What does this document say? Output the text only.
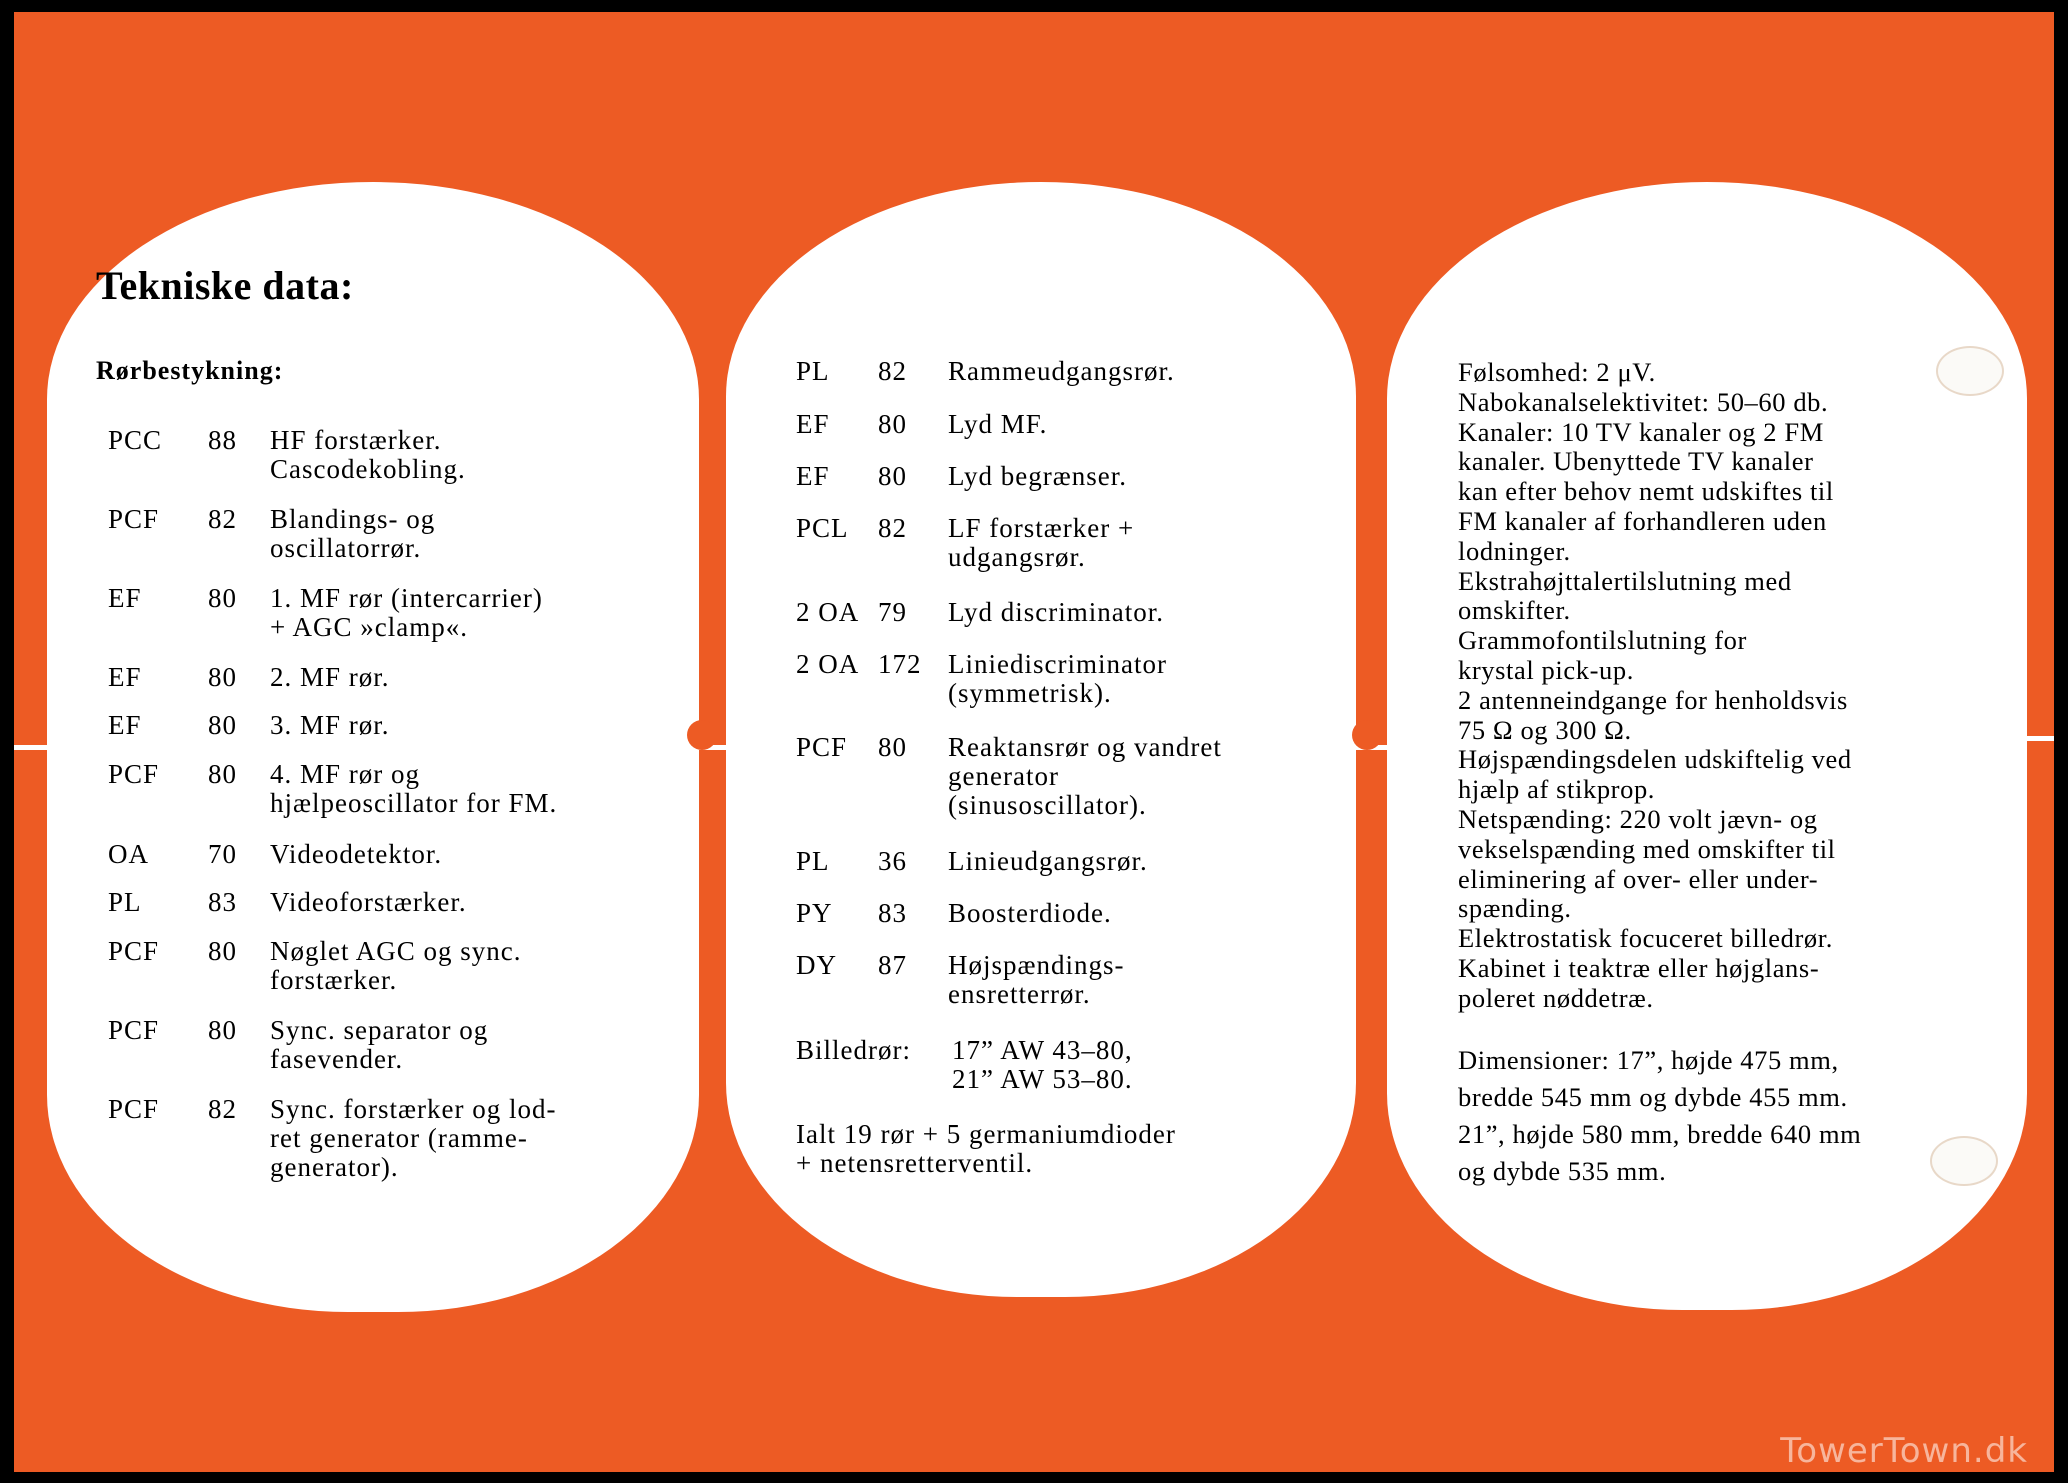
Tekniske data:
Rørbestykning:
PCC	88	HF forstærker.
Cascodekobling.
PCF	82	Blandings- og
oscillatorrør.
EF	80	1. MF rør (intercarrier)
+ AGC »clamp«.
EF	80	2. MF rør.
EF	80	3. MF rør.
PCF	80	4. MF rør og
hjælpeoscillator for FM.
OA	70	Videodetektor.
PL	83	Videoforstærker.
PCF	80	Nøglet AGC og sync.
forstærker.
PCF	80	Sync. separator og
fasevender.
PCF	82	Sync. forstærker og lod-
ret generator (ramme-
generator).
PL	82	Rammeudgangsrør.
EF	80	Lyd MF.
EF	80	Lyd begrænser.
PCL	82	LF forstærker +
udgangsrør.
2 OA 79	Lyd discriminator.
2 OA 172 Liniediscriminator
(symmetrisk).
PCF	80	Reaktansrør og vandret
generator
(sinusoscillator).
PL	36	Linieudgangsrør.
PY	83	Boosterdiode.
DY	87	Højspændings-
ensretterrør.
Billedrør: 17” AW 43–80,
21” AW 53–80.
Ialt 19 rør + 5 germaniumdioder
+ netensretterventil.
Følsomhed: 2 μV.
Nabokanalselektivitet: 50–60 db.
Kanaler: 10 TV kanaler og 2 FM
kanaler. Ubenyttede TV kanaler
kan efter behov nemt udskiftes til
FM kanaler af forhandleren uden
lodninger.
Ekstrahøjttalertilslutning med
omskifter.
Grammofontilslutning for
krystal pick-up.
2 antenneindgange for henholdsvis
75 Ω og 300 Ω.
Højspændingsdelen udskiftelig ved
hjælp af stikprop.
Netspænding: 220 volt jævn- og
vekselspænding med omskifter til
eliminering af over- eller under-
spænding.
Elektrostatisk focuceret billedrør.
Kabinet i teaktræ eller højglans-
poleret nøddetræ.
Dimensioner: 17”, højde 475 mm,
bredde 545 mm og dybde 455 mm.
21”, højde 580 mm, bredde 640 mm
og dybde 535 mm.
TowerTown.dk
